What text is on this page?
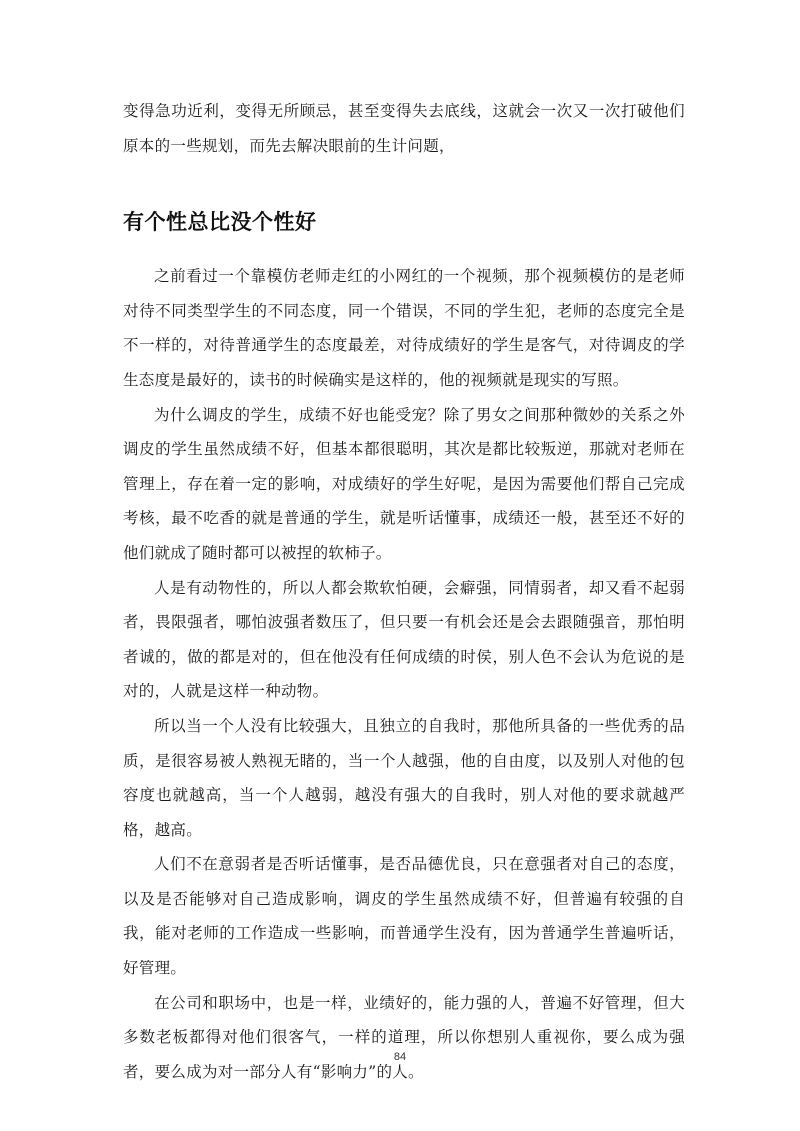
变得急功近利，变得无所顾忌，甚至变得失去底线，这就会一次又一次打破他们原本的一些规划，而先去解决眼前的生计问题，

有个性总比没个性好

之前看过一个靠模仿老师走红的小网红的一个视频，那个视频模仿的是老师对待不同类型学生的不同态度，同一个错误，不同的学生犯，老师的态度完全是不一样的，对待普通学生的态度最差，对待成绩好的学生是客气，对待调皮的学生态度是最好的，读书的时候确实是这样的，他的视频就是现实的写照。

为什么调皮的学生，成绩不好也能受宠？除了男女之间那种微妙的关系之外调皮的学生虽然成绩不好，但基本都很聪明，其次是都比较叛逆，那就对老师在管理上，存在着一定的影响，对成绩好的学生好呢，是因为需要他们帮自己完成考核，最不吃香的就是普通的学生，就是听话懂事，成绩还一般，甚至还不好的他们就成了随时都可以被捏的软柿子。

人是有动物性的，所以人都会欺软怕硬，会癖强，同情弱者，却又看不起弱者，畏限强者，哪怕波强者数压了，但只要一有机会还是会去跟随强音，那怕明者诚的，做的都是对的，但在他没有任何成绩的时侯，别人色不会认为危说的是对的，人就是这样一种动物。

所以当一个人没有比较强大，且独立的自我时，那他所具备的一些优秀的品质，是很容易被人熟视无睹的，当一个人越强，他的自由度，以及别人对他的包容度也就越高，当一个人越弱，越没有强大的自我时，别人对他的要求就越严格，越高。

人们不在意弱者是否听话懂事，是否品德优良，只在意强者对自己的态度，以及是否能够对自己造成影响，调皮的学生虽然成绩不好，但普遍有较强的自我，能对老师的工作造成一些影响，而普通学生没有，因为普通学生普遍听话，好管理。

在公司和职场中，也是一样，业绩好的，能力强的人，普遍不好管理，但大多数老板都得对他们很客气，一样的道理，所以你想别人重视你，要么成为强者，要么成为对一部分人有“影响力”的人。

84
